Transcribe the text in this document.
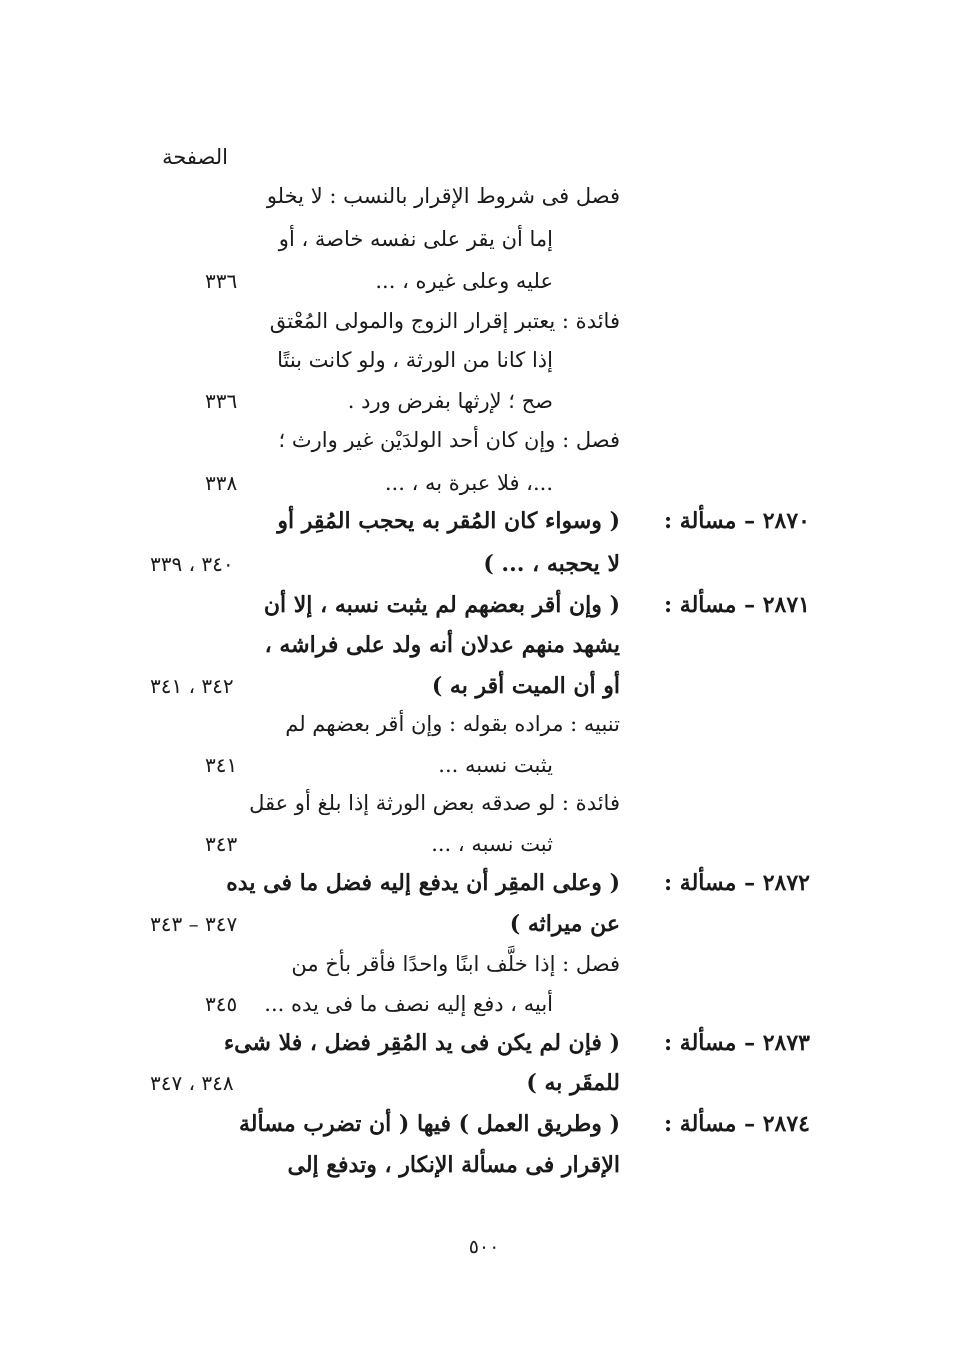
الصفحة
فصل فى شروط الإقرار بالنسب : لا يخلو
إما أن يقر على نفسه خاصة ، أو
عليه وعلى غيره ، ...
٣٣٦
فائدة : يعتبر إقرار الزوج والمولى المُعْتق
إذا كانا من الورثة ، ولو كانت بنتًا
صح ؛ لإرثها بفرض ورد .
٣٣٦
فصل : وإن كان أحد الولدَيْن غير وارث ؛
...، فلا عبرة به ، ...
٣٣٨
٢٨٧٠ – مسألة :
( وسواء كان المُقر به يحجب المُقِر أو
لا يحجبه ، ... )
٣٤٠ ، ٣٣٩
٢٨٧١ – مسألة :
( وإن أقر بعضهم لم يثبت نسبه ، إلا أن
يشهد منهم عدلان أنه ولد على فراشه ،
أو أن الميت أقر به )
٣٤٢ ، ٣٤١
تنبيه : مراده بقوله : وإن أقر بعضهم لم
يثبت نسبه ...
٣٤١
فائدة : لو صدقه بعض الورثة إذا بلغ أو عقل
ثبت نسبه ، ...
٣٤٣
٢٨٧٢ – مسألة :
( وعلى المقِر أن يدفع إليه فضل ما فى يده
عن ميراثه )
٣٤٧ – ٣٤٣
فصل : إذا خلَّف ابنًا واحدًا فأقر بأخ من
أبيه ، دفع إليه نصف ما فى يده ...
٣٤٥
٢٨٧٣ – مسألة :
( فإن لم يكن فى يد المُقِر فضل ، فلا شىء
للمقَر به )
٣٤٨ ، ٣٤٧
٢٨٧٤ – مسألة :
( وطريق العمل ) فيها ( أن تضرب مسألة
الإقرار فى مسألة الإنكار ، وتدفع إلى
٥٠٠
